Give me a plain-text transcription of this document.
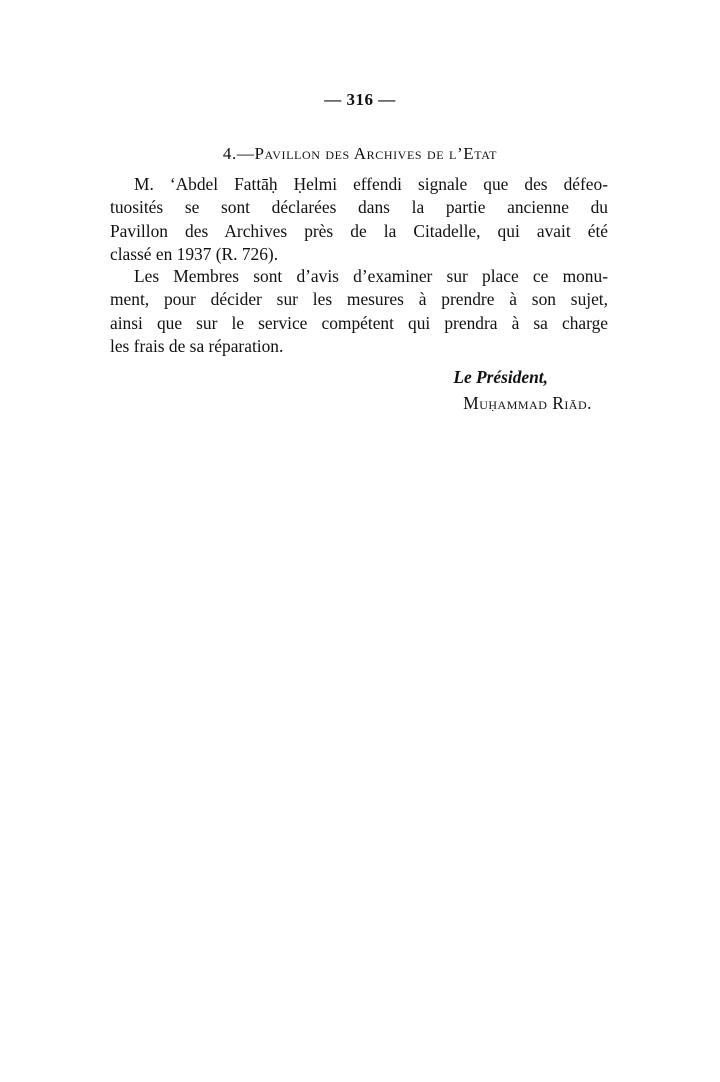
— 316 —
4.—Pavillon des Archives de l’Etat
M. ‘Abdel Fattāḥ Ḥelmi effendi signale que des défeo-
tuosités se sont déclarées dans la partie ancienne du
Pavillon des Archives près de la Citadelle, qui avait été
classé en 1937 (R. 726).
Les Membres sont d’avis d’examiner sur place ce monu-
ment, pour décider sur les mesures à prendre à son sujet,
ainsi que sur le service compétent qui prendra à sa charge
les frais de sa réparation.
Le Président,
Muḥammad Riād.
